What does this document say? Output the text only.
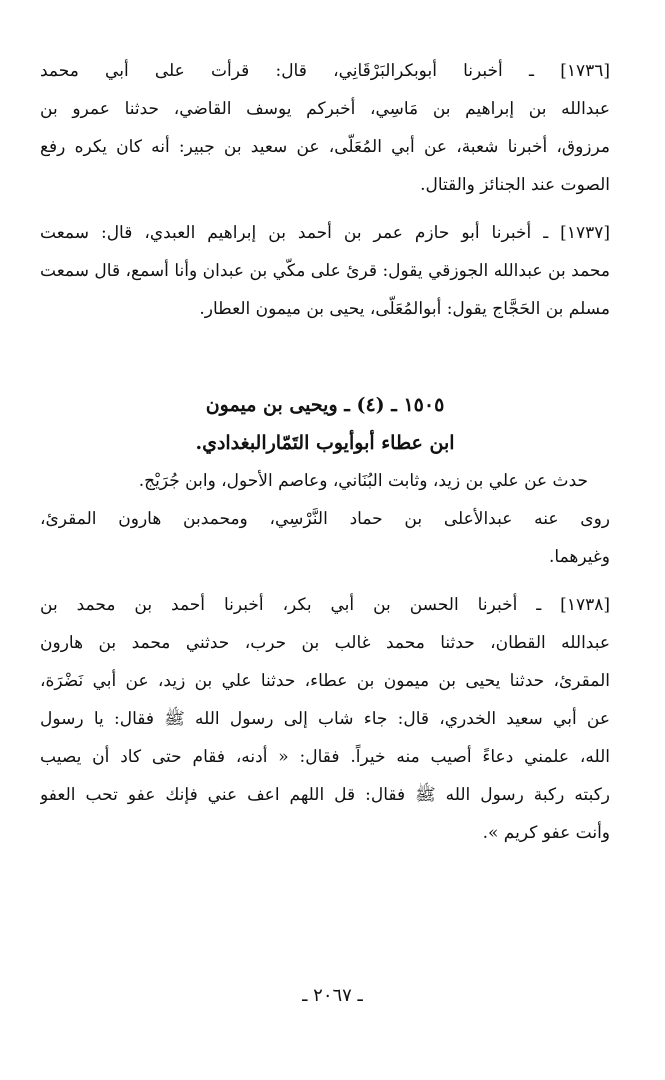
[١٧٣٦] ـ أخبرنا أبوبكرالبَرْقَانِي، قال: قرأت على أبي محمد
عبدالله بن إبراهيم بن مَاسِي، أخبركم يوسف القاضي، حدثنا عمرو بن
مرزوق، أخبرنا شعبة، عن أبي المُعَلّى، عن سعيد بن جبير: أنه كان يكره رفع
الصوت عند الجنائز والقتال.
[١٧٣٧] ـ أخبرنا أبو حازم عمر بن أحمد بن إبراهيم العبدي، قال: سمعت
محمد بن عبدالله الجوزقي يقول: قرئ على مكّي بن عبدان وأنا أسمع، قال سمعت
مسلم بن الحَجَّاج يقول: أبوالمُعَلّى، يحيى بن ميمون العطار.
١٥٠٥ ـ (٤) ـ ويحيى بن ميمون
ابن عطاء أبوأيوب التَمّارالبغدادي.
حدث عن علي بن زيد، وثابت البُنَاني، وعاصم الأحول، وابن جُرَيْج.
روى عنه عبدالأعلى بن حماد النَّرْسِي، ومحمدبن هارون المقرئ،
وغيرهما.
[١٧٣٨] ـ أخبرنا الحسن بن أبي بكر، أخبرنا أحمد بن محمد بن
عبدالله القطان، حدثنا محمد غالب بن حرب، حدثني محمد بن هارون
المقرئ، حدثنا يحيى بن ميمون بن عطاء، حدثنا علي بن زيد، عن أبي نَضْرَة،
عن أبي سعيد الخدري، قال: جاء شاب إلى رسول الله ﷺ فقال: يا رسول
الله، علمني دعاءً أصيب منه خيراً. فقال: « أدنه، فقام حتى كاد أن يصيب
ركبته ركبة رسول الله ﷺ فقال: قل اللهم اعف عني فإنك عفو تحب العفو
وأنت عفو كريم ».
ـ ٢٠٦٧ ـ
